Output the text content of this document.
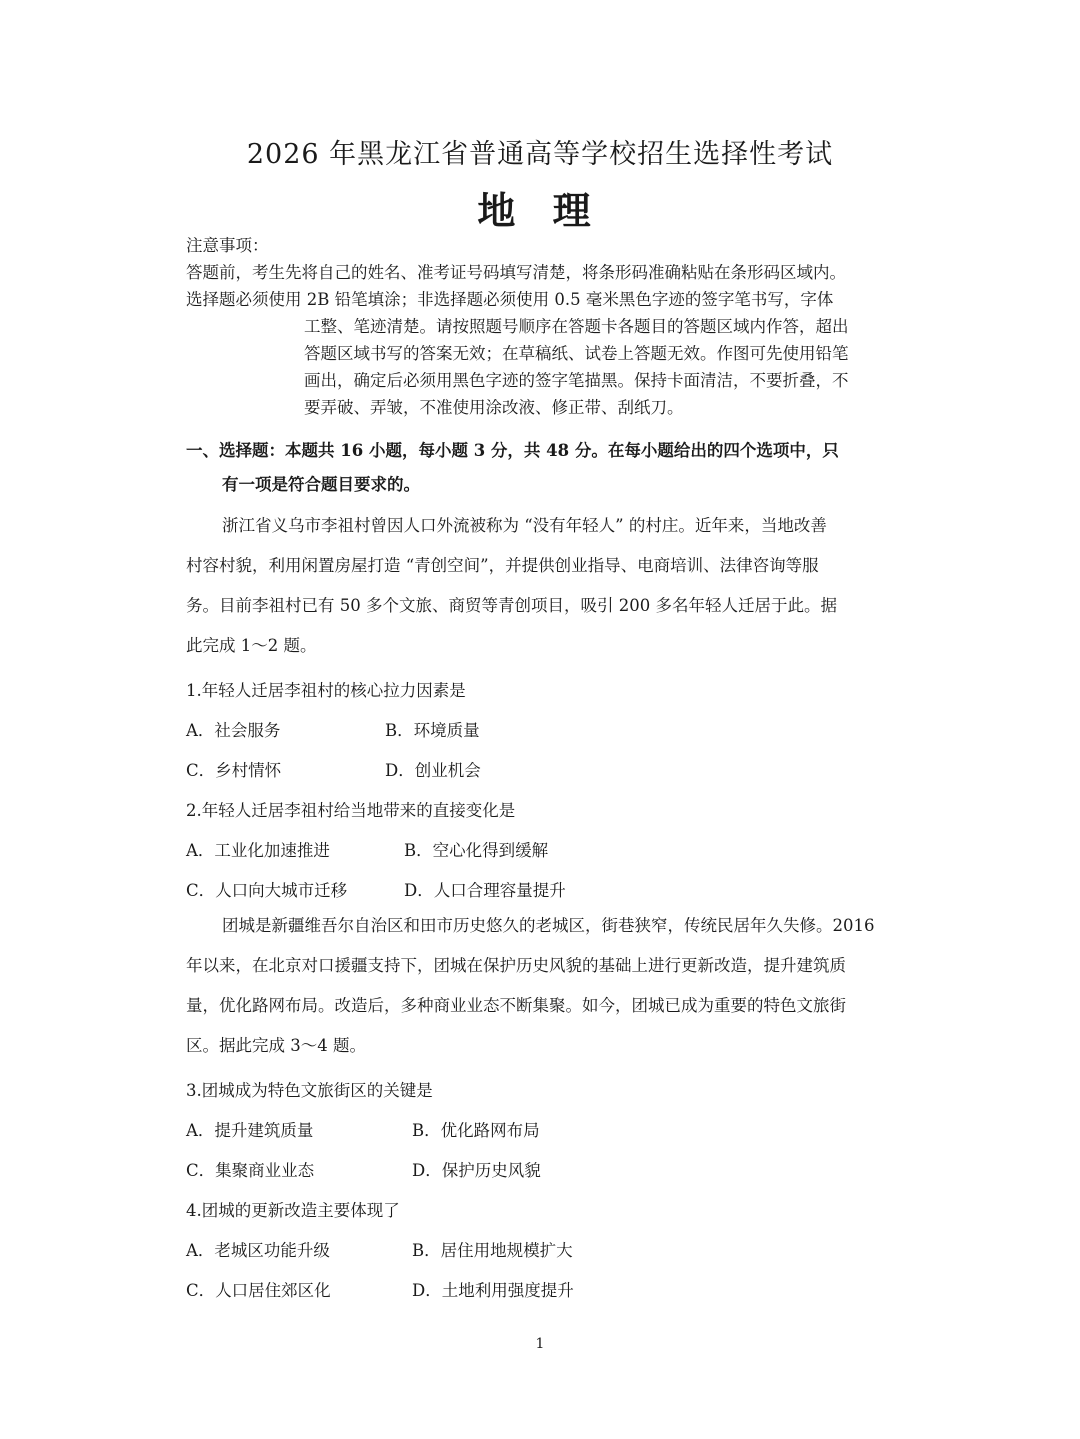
2026 年黑龙江省普通高等学校招生选择性考试
地 理
注意事项：
答题前，考生先将自己的姓名、准考证号码填写清楚，将条形码准确粘贴在条形码区域内。
选择题必须使用 2B 铅笔填涂；非选择题必须使用 0.5 毫米黑色字迹的签字笔书写，字体
工整、笔迹清楚。请按照题号顺序在答题卡各题目的答题区域内作答，超出
答题区域书写的答案无效；在草稿纸、试卷上答题无效。作图可先使用铅笔
画出，确定后必须用黑色字迹的签字笔描黑。保持卡面清洁，不要折叠，不
要弄破、弄皱，不准使用涂改液、修正带、刮纸刀。
一、选择题：本题共 16 小题，每小题 3 分，共 48 分。在每小题给出的四个选项中，只
有一项是符合题目要求的。
浙江省义乌市李祖村曾因人口外流被称为 “没有年轻人” 的村庄。近年来，当地改善
村容村貌，利用闲置房屋打造 “青创空间”，并提供创业指导、电商培训、法律咨询等服
务。目前李祖村已有 50 多个文旅、商贸等青创项目，吸引 200 多名年轻人迁居于此。据
此完成 1～2 题。
1.年轻人迁居李祖村的核心拉力因素是
A．社会服务	B．环境质量
C．乡村情怀	D．创业机会
2.年轻人迁居李祖村给当地带来的直接变化是
A．工业化加速推进	B．空心化得到缓解
C．人口向大城市迁移	D．人口合理容量提升
团城是新疆维吾尔自治区和田市历史悠久的老城区，街巷狭窄，传统民居年久失修。2016
年以来，在北京对口援疆支持下，团城在保护历史风貌的基础上进行更新改造，提升建筑质
量，优化路网布局。改造后，多种商业业态不断集聚。如今，团城已成为重要的特色文旅街
区。据此完成 3～4 题。
3.团城成为特色文旅街区的关键是
A．提升建筑质量	B．优化路网布局
C．集聚商业业态	D．保护历史风貌
4.团城的更新改造主要体现了
A．老城区功能升级	B．居住用地规模扩大
C．人口居住郊区化	D．土地利用强度提升
1
